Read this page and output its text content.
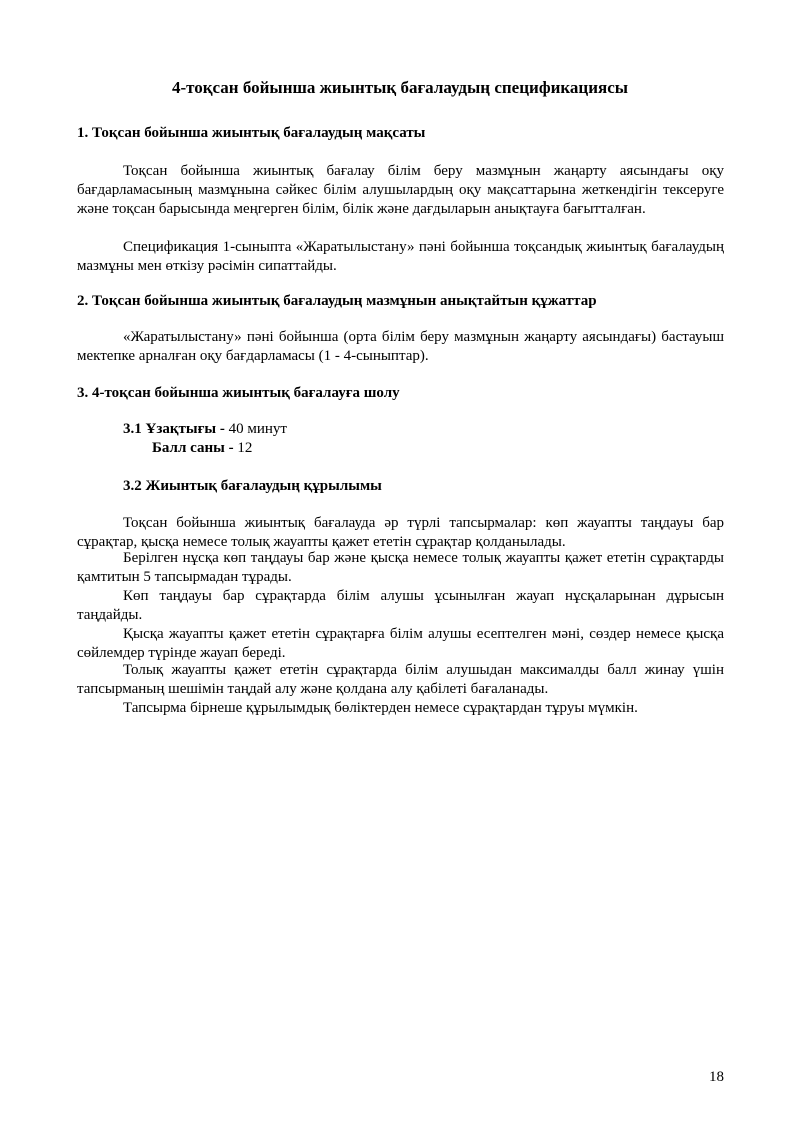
4-тоқсан бойынша жиынтық бағалаудың спецификациясы
1. Тоқсан бойынша жиынтық бағалаудың мақсаты

Тоқсан бойынша жиынтық бағалау білім беру мазмұнын жаңарту аясындағы оқу бағдарламасының мазмұнына сәйкес білім алушылардың оқу мақсаттарына жеткендігін тексеруге және тоқсан барысында меңгерген білім, білік және дағдыларын анықтауға бағытталған.

Спецификация 1-сыныпта «Жаратылыстану» пәні бойынша тоқсандық жиынтық бағалаудың мазмұны мен өткізу рәсімін сипаттайды.

2. Тоқсан бойынша жиынтық бағалаудың мазмұнын анықтайтын құжаттар

«Жаратылыстану» пәні бойынша (орта білім беру мазмұнын жаңарту аясындағы) бастауыш мектепке арналған оқу бағдарламасы (1 - 4-сыныптар).

3. 4-тоқсан бойынша жиынтық бағалауға шолу
3.1 Ұзақтығы - 40 минут
Балл саны - 12
3.2 Жиынтық бағалаудың құрылымы

Тоқсан бойынша жиынтық бағалауда әр түрлі тапсырмалар: көп жауапты таңдауы бар сұрақтар, қысқа немесе толық жауапты қажет ететін сұрақтар қолданылады.

Берілген нұсқа көп таңдауы бар және қысқа немесе толық жауапты қажет ететін сұрақтарды қамтитын 5 тапсырмадан тұрады.

Көп таңдауы бар сұрақтарда білім алушы ұсынылған жауап нұсқаларынан дұрысын таңдайды.

Қысқа жауапты қажет ететін сұрақтарға білім алушы есептелген мәні, сөздер немесе қысқа сөйлемдер түрінде жауап береді.

Толық жауапты қажет ететін сұрақтарда білім алушыдан максималды балл жинау үшін тапсырманың шешімін таңдай алу және қолдана алу қабілеті бағаланады.

Тапсырма бірнеше құрылымдық бөліктерден немесе сұрақтардан тұруы мүмкін.

18
